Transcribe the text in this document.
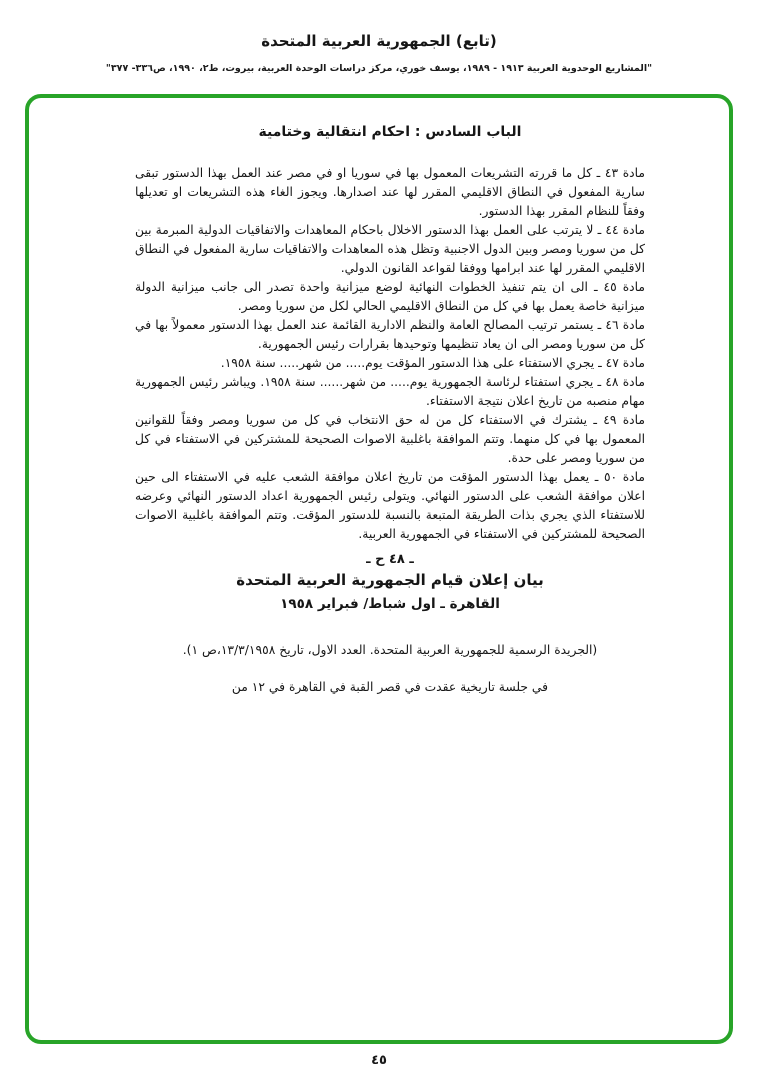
(تابع) الجمهورية العربية المتحدة
"المشاريع الوحدوية العربية ١٩١٣ - ١٩٨٩، يوسف خوري، مركز دراسات الوحدة العربية، بيروت، ط٢، ١٩٩٠، ص٣٣٦- ٣٧٧"
الباب السادس : احكام انتقالية وختامية

مادة ٤٣ ـ كل ما قررته التشريعات المعمول بها في سوريا او في مصر عند العمل بهذا الدستور تبقى سارية المفعول في النطاق الاقليمي المقرر لها عند اصدارها. ويجوز الغاء هذه التشريعات او تعديلها وفقاً للنظام المقرر بهذا الدستور.

مادة ٤٤ ـ لا يترتب على العمل بهذا الدستور الاخلال باحكام المعاهدات والاتفاقيات الدولية المبرمة بين كل من سوريا ومصر وبين الدول الاجنبية وتظل هذه المعاهدات والاتفاقيات سارية المفعول في النطاق الاقليمي المقرر لها عند ابرامها ووفقا لقواعد القانون الدولي.

مادة ٤٥ ـ الى ان يتم تنفيذ الخطوات النهائية لوضع ميزانية واحدة تصدر الى جانب ميزانية الدولة ميزانية خاصة يعمل بها في كل من النطاق الاقليمي الحالي لكل من سوريا ومصر.

مادة ٤٦ ـ يستمر ترتيب المصالح العامة والنظم الادارية القائمة عند العمل بهذا الدستور معمولاً بها في كل من سوريا ومصر الى ان يعاد تنظيمها وتوحيدها بقرارات رئيس الجمهورية.

مادة ٤٧ ـ يجري الاستفتاء على هذا الدستور المؤقت يوم..... من شهر..... سنة ١٩٥٨.

مادة ٤٨ ـ يجري استفتاء لرئاسة الجمهورية يوم..... من شهر...... سنة ١٩٥٨. ويباشر رئيس الجمهورية مهام منصبه من تاريخ اعلان نتيجة الاستفتاء.

مادة ٤٩ ـ يشترك في الاستفتاء كل من له حق الانتخاب في كل من سوريا ومصر وفقاً للقوانين المعمول بها في كل منهما. وتتم الموافقة باغلبية الاصوات الصحيحة للمشتركين في الاستفتاء في كل من سوريا ومصر على حدة.

مادة ٥٠ ـ يعمل بهذا الدستور المؤقت من تاريخ اعلان موافقة الشعب عليه في الاستفتاء الى حين اعلان موافقة الشعب على الدستور النهائي. ويتولى رئيس الجمهورية اعداد الدستور النهائي وعرضه للاستفتاء الذي يجري بذات الطريقة المتبعة بالنسبة للدستور المؤقت. وتتم الموافقة باغلبية الاصوات الصحيحة للمشتركين في الاستفتاء في الجمهورية العربية.

ـ ٤٨ ح ـ
بيان إعلان قيام الجمهورية العربية المتحدة
القاهرة ـ اول شباط/ فبراير ١٩٥٨
(الجريدة الرسمية للجمهورية العربية المتحدة. العدد الاول، تاريخ ١٣/٣/١٩٥٨،ص ١).

في جلسة تاريخية عقدت في قصر القبة في القاهرة في ١٢ من

٤٥
